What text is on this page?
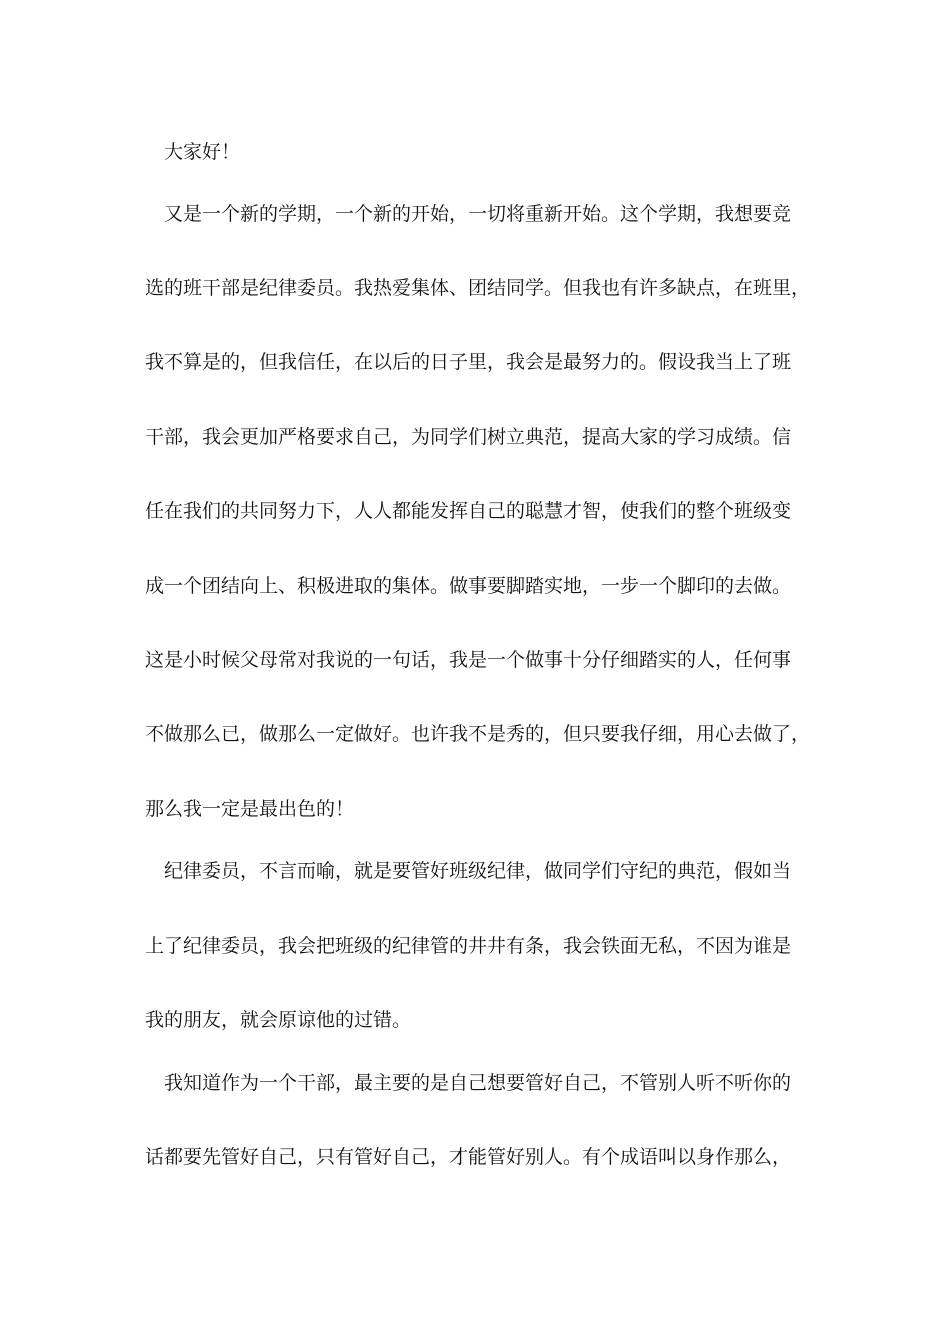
大家好！
又是一个新的学期，一个新的开始，一切将重新开始。这个学期，我想要竞
选的班干部是纪律委员。我热爱集体、团结同学。但我也有许多缺点，在班里，
我不算是的，但我信任，在以后的日子里，我会是最努力的。假设我当上了班
干部，我会更加严格要求自己，为同学们树立典范，提高大家的学习成绩。信
任在我们的共同努力下，人人都能发挥自己的聪慧才智，使我们的整个班级变
成一个团结向上、积极进取的集体。做事要脚踏实地，一步一个脚印的去做。
这是小时候父母常对我说的一句话，我是一个做事十分仔细踏实的人，任何事
不做那么已，做那么一定做好。也许我不是秀的，但只要我仔细，用心去做了，
那么我一定是最出色的！
纪律委员，不言而喻，就是要管好班级纪律，做同学们守纪的典范，假如当
上了纪律委员，我会把班级的纪律管的井井有条，我会铁面无私，不因为谁是
我的朋友，就会原谅他的过错。
我知道作为一个干部，最主要的是自己想要管好自己，不管别人听不听你的
话都要先管好自己，只有管好自己，才能管好别人。有个成语叫以身作那么，
